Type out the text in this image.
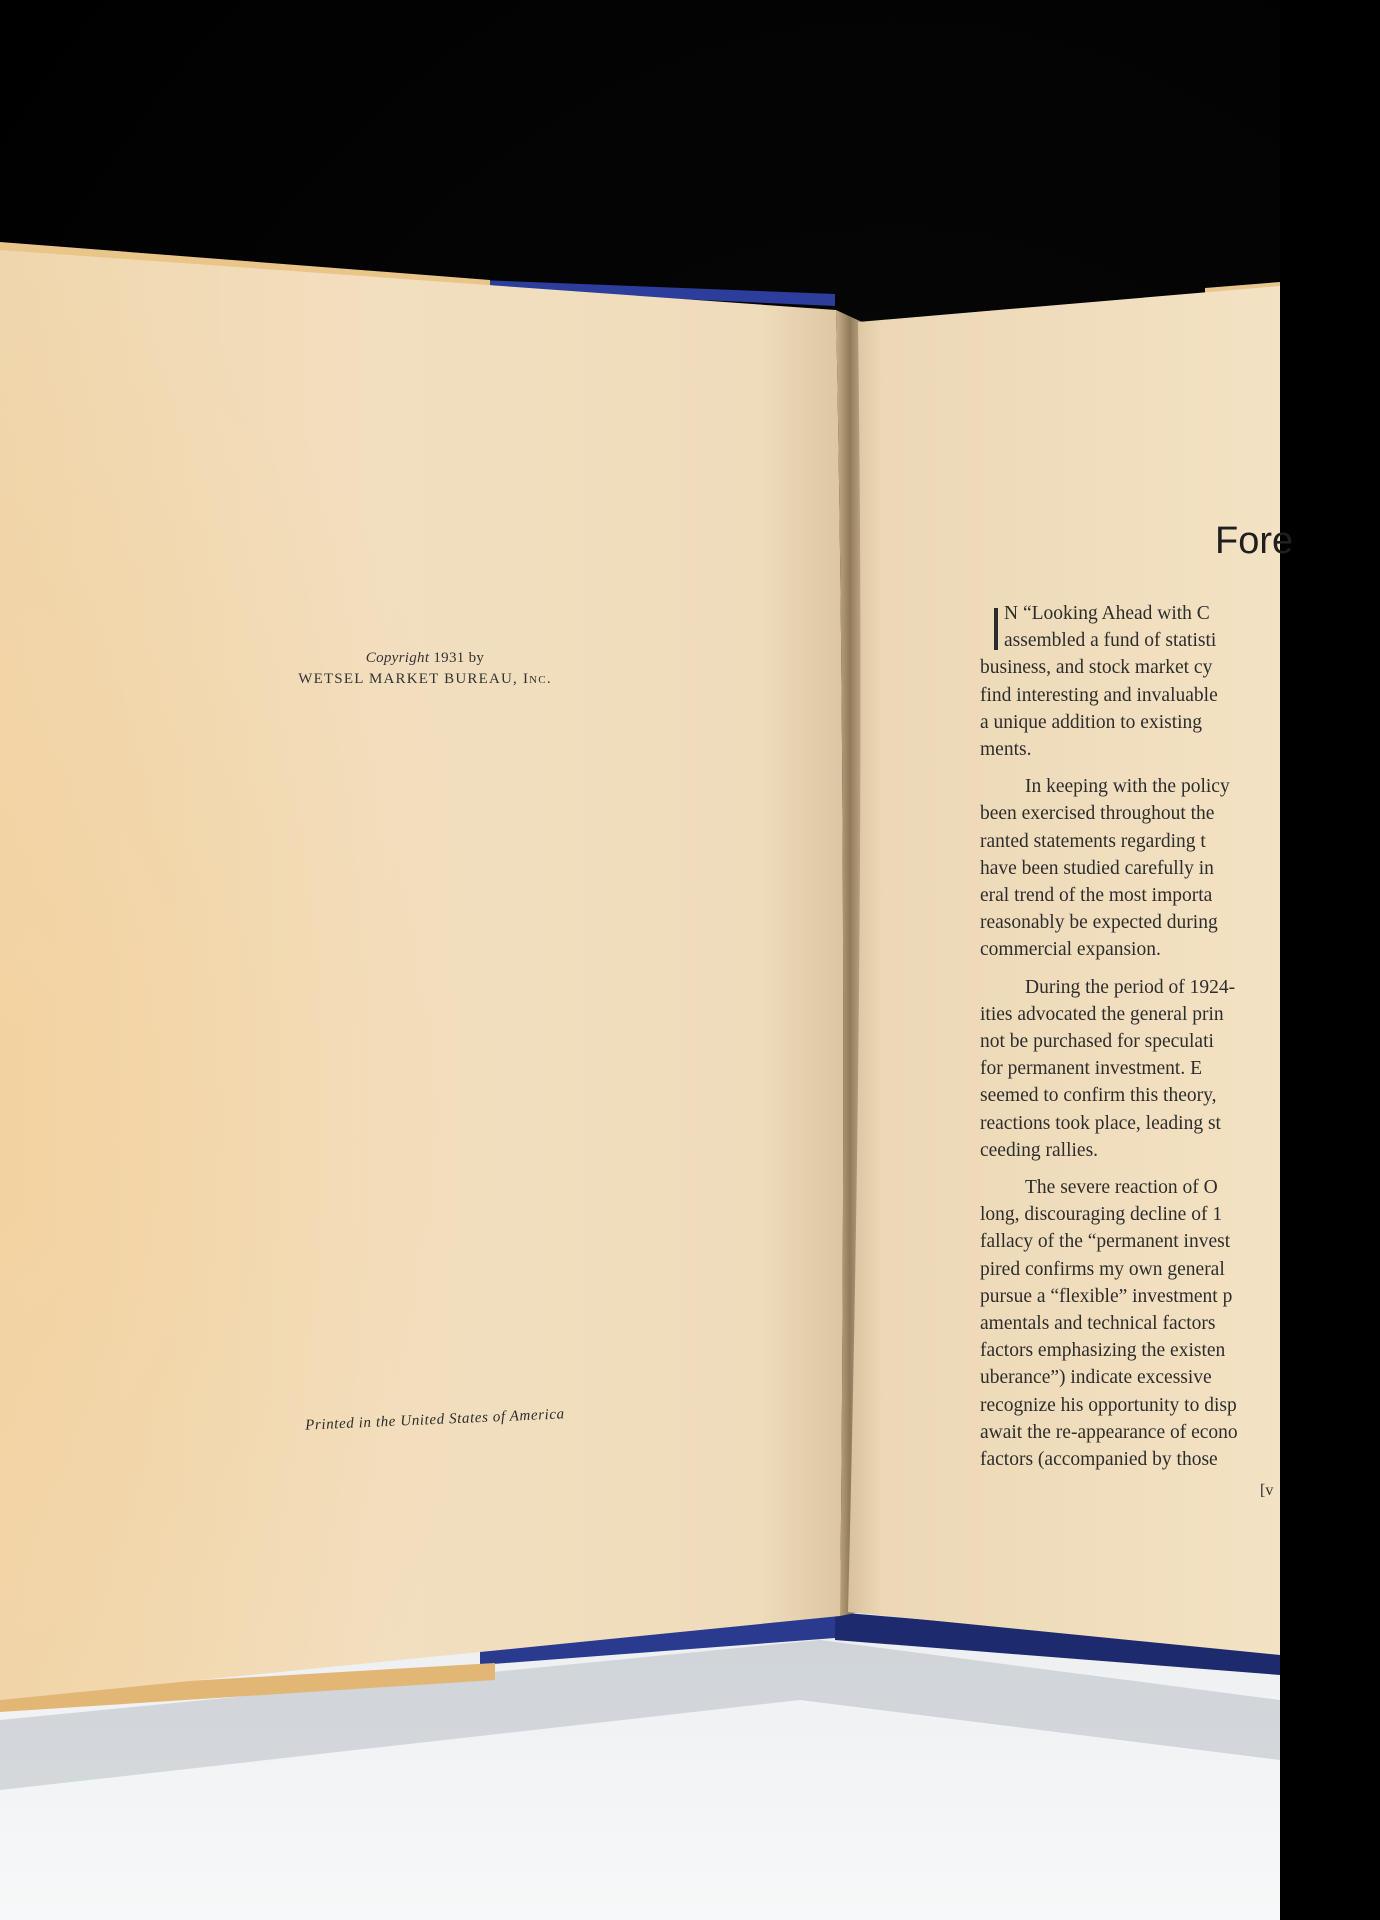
Copyright 1931 by
WETSEL MARKET BUREAU, Inc.
Printed in the United States of America
Fore
N “Looking Ahead with C
assembled a fund of statisti
business, and stock market cy
find interesting and invaluable
a unique addition to existing
ments.
In keeping with the policy
been exercised throughout the
ranted statements regarding t
have been studied carefully in
eral trend of the most importa
reasonably be expected during
commercial expansion.
During the period of 1924-
ities advocated the general prin
not be purchased for speculati
for permanent investment. E
seemed to confirm this theory,
reactions took place, leading st
ceeding rallies.
The severe reaction of O
long, discouraging decline of 1
fallacy of the “permanent invest
pired confirms my own general
pursue a “flexible” investment p
amentals and technical factors
factors emphasizing the existen
uberance”) indicate excessive
recognize his opportunity to disp
await the re-appearance of econo
factors (accompanied by those
[v
